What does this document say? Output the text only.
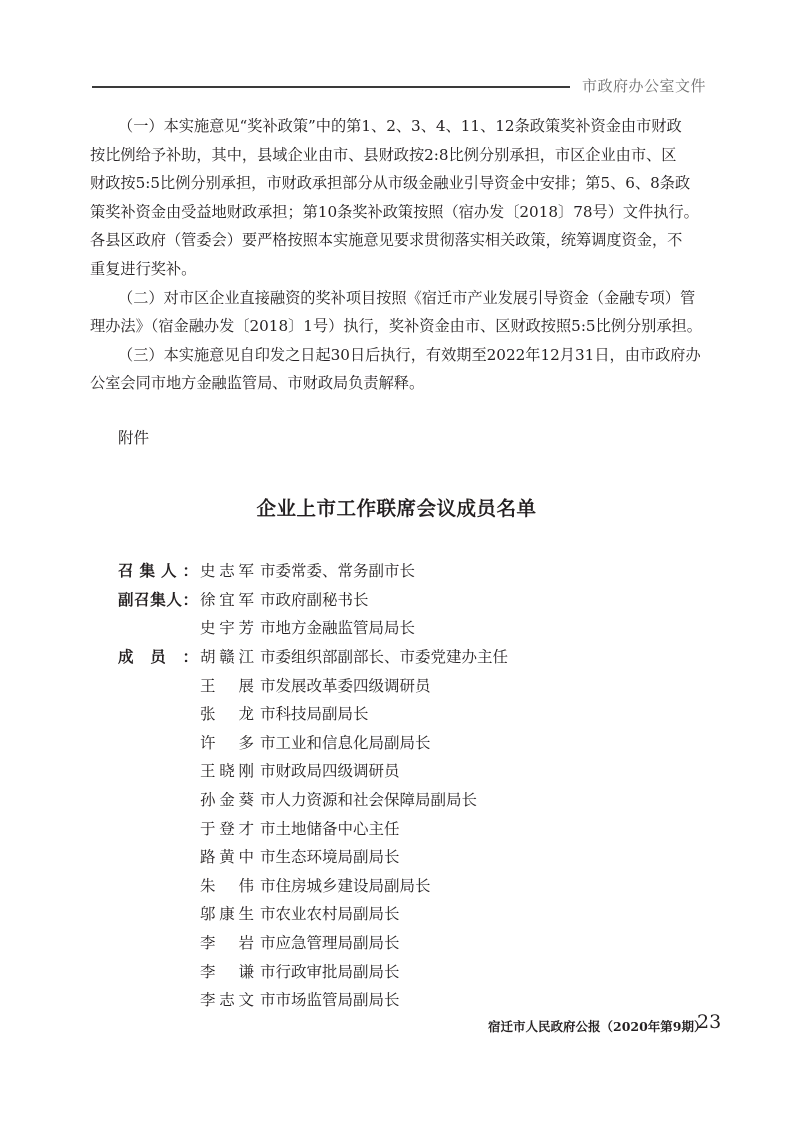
市政府办公室文件

（一）本实施意见“奖补政策”中的第1、2、3、4、11、12条政策奖补资金由市财政

按比例给予补助，其中，县域企业由市、县财政按2:8比例分别承担，市区企业由市、区

财政按5:5比例分别承担，市财政承担部分从市级金融业引导资金中安排；第5、6、8条政

策奖补资金由受益地财政承担；第10条奖补政策按照（宿办发〔2018〕78号）文件执行。

各县区政府（管委会）要严格按照本实施意见要求贯彻落实相关政策，统筹调度资金，不

重复进行奖补。

（二）对市区企业直接融资的奖补项目按照《宿迁市产业发展引导资金（金融专项）管

理办法》（宿金融办发〔2018〕1号）执行，奖补资金由市、区财政按照5:5比例分别承担。

（三）本实施意见自印发之日起30日后执行，有效期至2022年12月31日，由市政府办

公室会同市地方金融监管局、市财政局负责解释。

附件
企业上市工作联席会议成员名单
召集人： 史志军 市委常委、常务副市长
副召集人： 徐宜军 市政府副秘书长
史宇芳 市地方金融监管局局长
成员： 胡赣江 市委组织部副部长、市委党建办主任
王展 市发展改革委四级调研员
张龙 市科技局副局长
许多 市工业和信息化局副局长
王晓刚 市财政局四级调研员
孙金葵 市人力资源和社会保障局副局长
于登才 市土地储备中心主任
路黄中 市生态环境局副局长
朱伟 市住房城乡建设局副局长
邬康生 市农业农村局副局长
李岩 市应急管理局副局长
李谦 市行政审批局副局长
李志文 市市场监管局副局长
宿迁市人民政府公报（2020年第9期）
23
